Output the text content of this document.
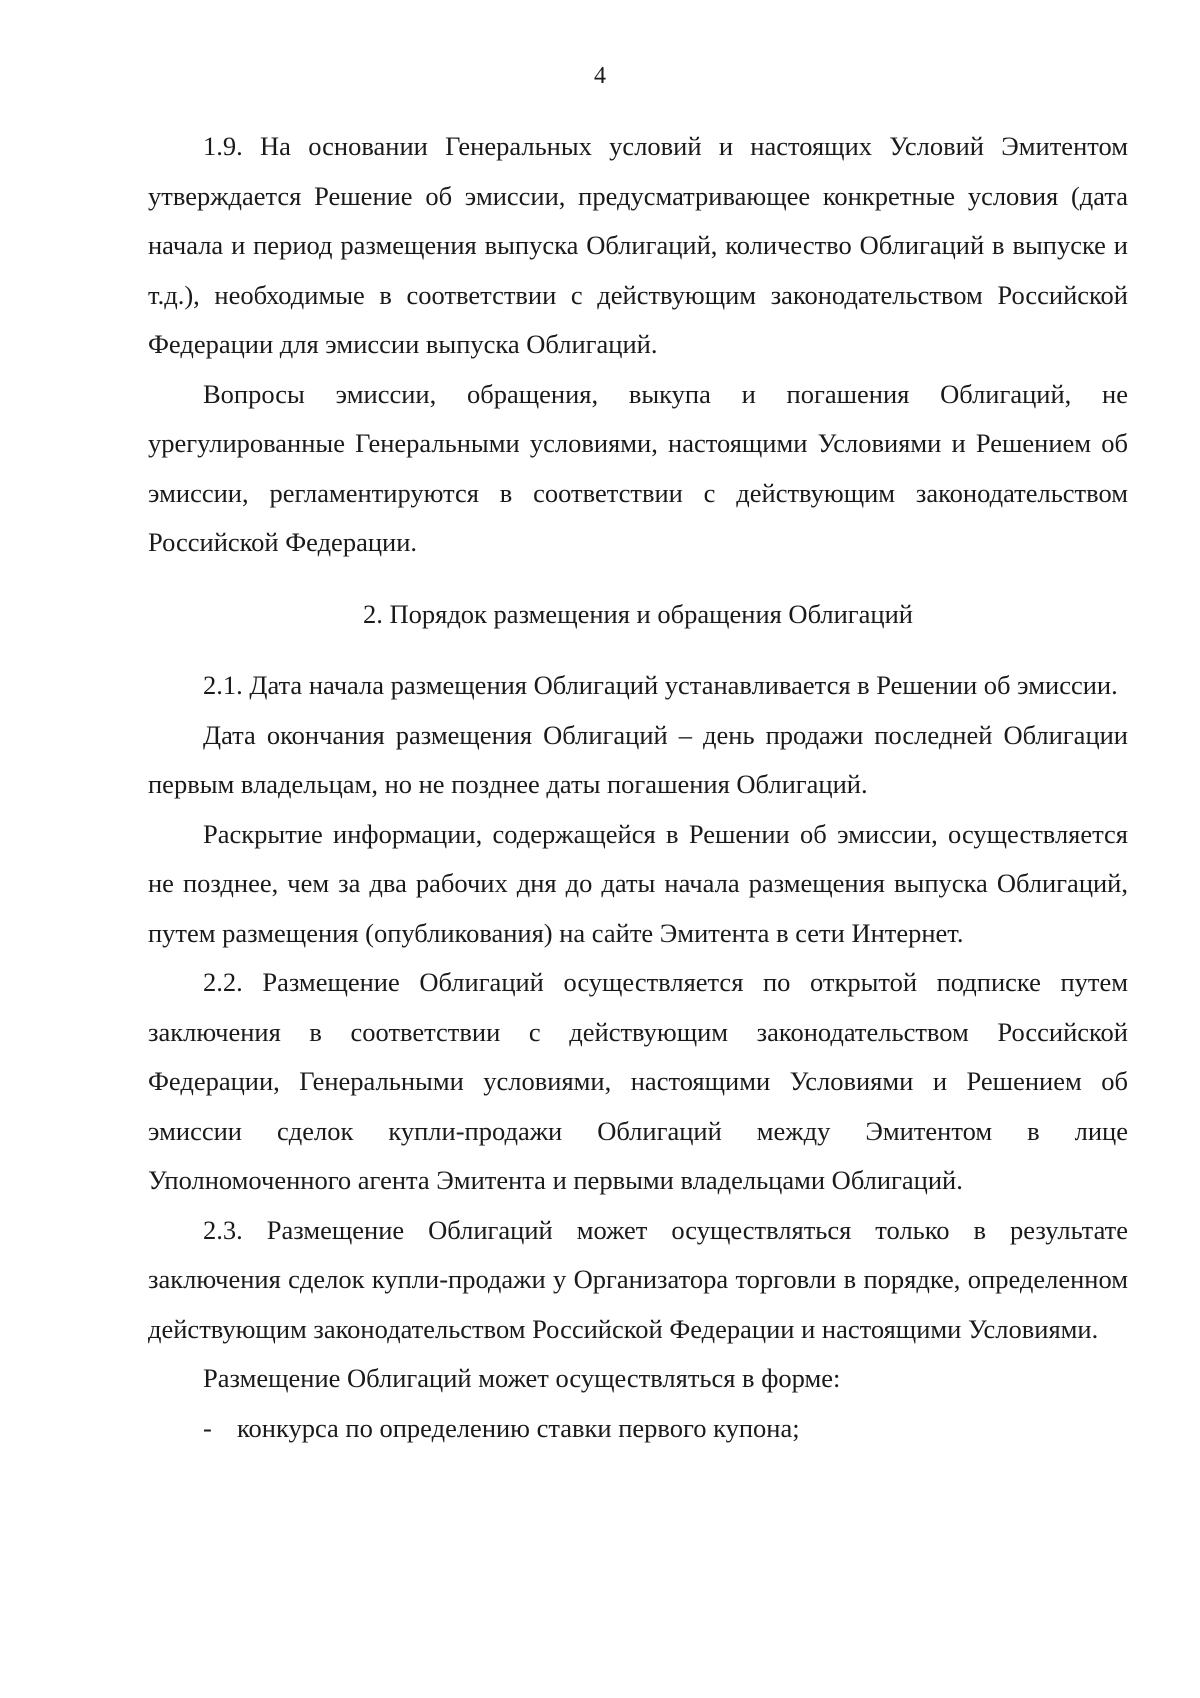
4

1.9. На основании Генеральных условий и настоящих Условий Эмитентом утверждается Решение об эмиссии, предусматривающее конкретные условия (дата начала и период размещения выпуска Облигаций, количество Облигаций в выпуске и т.д.), необходимые в соответствии с действующим законодательством Российской Федерации для эмиссии выпуска Облигаций.

Вопросы эмиссии, обращения, выкупа и погашения Облигаций, не урегулированные Генеральными условиями, настоящими Условиями и Решением об эмиссии, регламентируются в соответствии с действующим законодательством Российской Федерации.

2. Порядок размещения и обращения Облигаций

2.1. Дата начала размещения Облигаций устанавливается в Решении об эмиссии.

Дата окончания размещения Облигаций – день продажи последней Облигации первым владельцам, но не позднее даты погашения Облигаций.

Раскрытие информации, содержащейся в Решении об эмиссии, осуществляется не позднее, чем за два рабочих дня до даты начала размещения выпуска Облигаций, путем размещения (опубликования) на сайте Эмитента в сети Интернет.

2.2. Размещение Облигаций осуществляется по открытой подписке путем заключения в соответствии с действующим законодательством Российской Федерации, Генеральными условиями, настоящими Условиями и Решением об эмиссии сделок купли-продажи Облигаций между Эмитентом в лице Уполномоченного агента Эмитента и первыми владельцами Облигаций.

2.3. Размещение Облигаций может осуществляться только в результате заключения сделок купли-продажи у Организатора торговли в порядке, определенном действующим законодательством Российской Федерации и настоящими Условиями.

Размещение Облигаций может осуществляться в форме:

- конкурса по определению ставки первого купона;
